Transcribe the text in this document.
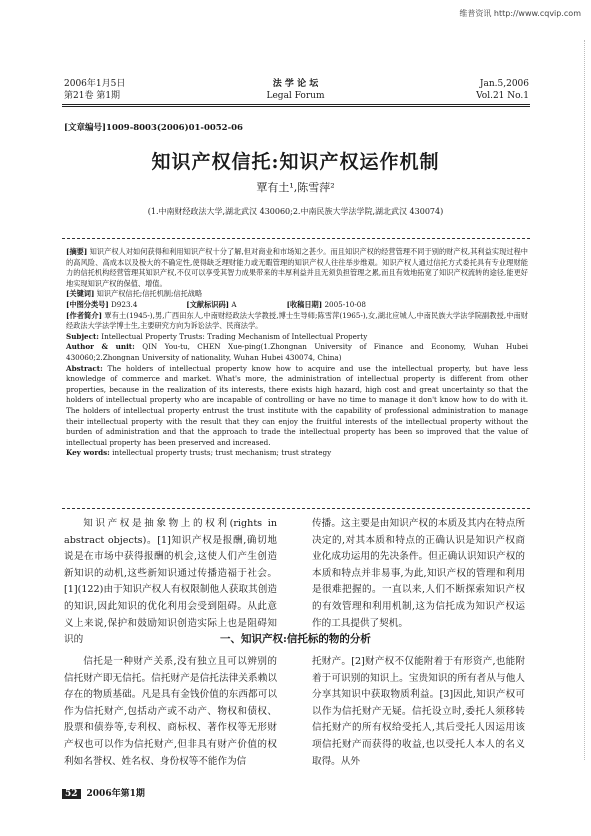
维普资讯 http://www.cqvip.com
2006年1月5日
第21卷 第1期
法 学 论 坛
Legal Forum
Jan.5,2006
Vol.21 No.1
[文章编号]1009-8003(2006)01-0052-06
知识产权信托:知识产权运作机制
覃有土¹,陈雪萍²
(1.中南财经政法大学,湖北武汉 430060;2.中南民族大学法学院,湖北武汉 430074)

[摘要] 知识产权人对如何获得和利用知识产权十分了解,但对商业和市场知之甚少。而且知识产权的经营管理不同于别的财产权,其利益实现过程中的高风险、高成本以及极大的不确定性,使得缺乏理财能力或无暇管理的知识产权人往往举步维艰。知识产权人通过信托方式委托具有专业理财能力的信托机构经营管理其知识产权,不仅可以享受其智力成果带来的丰厚利益并且无须负担管理之累,而且有效地拓宽了知识产权流转的途径,能更好地实现知识产权的保值、增值。

[关键词] 知识产权信托;信托机制;信托战略

[中图分类号] D923.4	[文献标识码] A	[收稿日期] 2005-10-08

[作者简介] 覃有土(1945-),男,广西田东人,中南财经政法大学教授,博士生导师;陈雪萍(1965-),女,湖北应城人,中南民族大学法学院副教授,中南财经政法大学法学博士生,主要研究方向为诉讼法学、民商法学。

Subject: Intellectual Property Trusts: Trading Mechanism of Intellectual Property

Author & unit: QIN You-tu, CHEN Xue-ping(1.Zhongnan University of Finance and Economy, Wuhan Hubei 430060;2.Zhongnan University of nationality, Wuhan Hubei 430074, China)

Abstract: The holders of intellectual property know how to acquire and use the intellectual property, but have less knowledge of commerce and market. What's more, the administration of intellectual property is different from other properties, because in the realization of its interests, there exists high hazard, high cost and great uncertainty so that the holders of intellectual property who are incapable of controlling or have no time to manage it don't know how to do with it. The holders of intellectual property entrust the trust institute with the capability of professional administration to manage their intellectual property with the result that they can enjoy the fruitful interests of the intellectual property without the burden of administration and that the approach to trade the intellectual property has been so improved that the value of intellectual property has been preserved and increased.

Key words: intellectual property trusts; trust mechanism; trust strategy

知识产权是抽象物上的权利(rights in abstract objects)。[1]知识产权是报酬,确切地说是在市场中获得报酬的机会,这使人们产生创造新知识的动机,这些新知识通过传播造福于社会。[1](122)由于知识产权人有权限制他人获取其创造的知识,因此知识的优化利用会受到阻碍。从此意义上来说,保护和鼓励知识创造实际上也是阻碍知识的

传播。这主要是由知识产权的本质及其内在特点所决定的,对其本质和特点的正确认识是知识产权商业化成功运用的先决条件。但正确认识知识产权的本质和特点并非易事,为此,知识产权的管理和利用是很难把握的。一直以来,人们不断探索知识产权的有效管理和利用机制,这为信托成为知识产权运作的工具提供了契机。

一、知识产权:信托标的物的分析

信托是一种财产关系,没有独立且可以辨别的信托财产即无信托。信托财产是信托法律关系赖以存在的物质基础。凡是具有金钱价值的东西都可以作为信托财产,包括动产或不动产、物权和债权、股票和债券等,专利权、商标权、著作权等无形财产权也可以作为信托财产,但非具有财产价值的权利如名誉权、姓名权、身份权等不能作为信

托财产。[2]财产权不仅能附着于有形资产,也能附着于可识别的知识上。宝贵知识的所有者从与他人分享其知识中获取物质利益。[3]因此,知识产权可以作为信托财产无疑。信托设立时,委托人须移转信托财产的所有权给受托人,其后受托人因运用该项信托财产而获得的收益,也以受托人本人的名义取得。从外

52 2006年第1期
